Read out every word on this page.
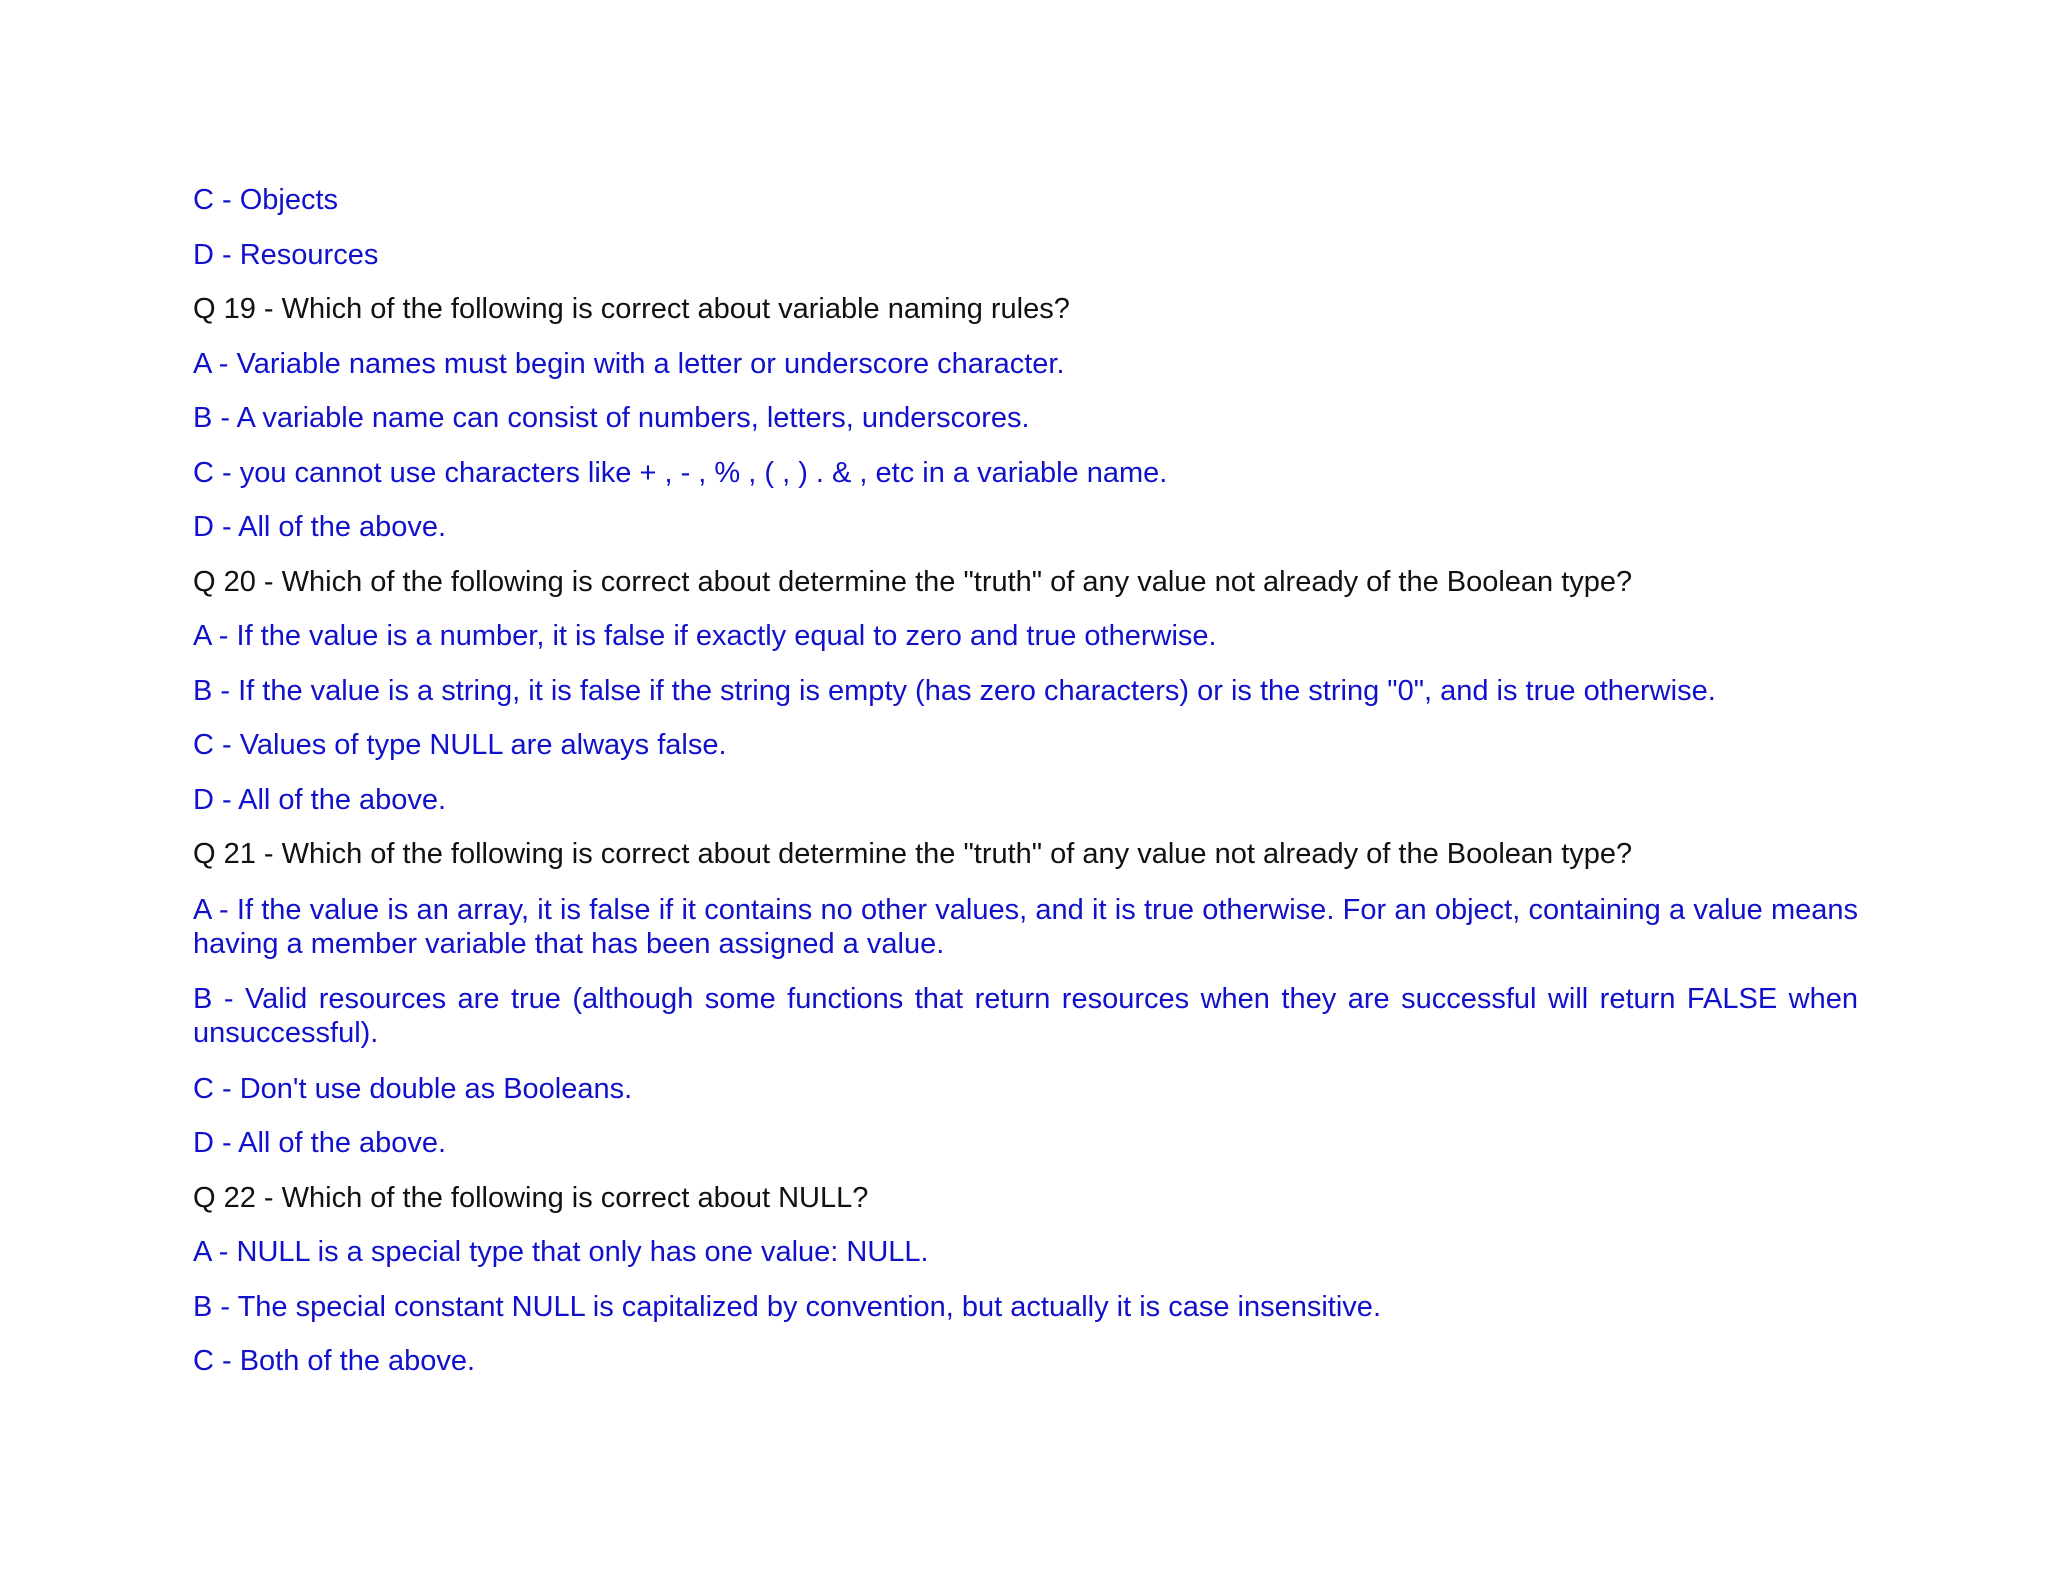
C - Objects

D - Resources

Q 19 - Which of the following is correct about variable naming rules?

A - Variable names must begin with a letter or underscore character.

B - A variable name can consist of numbers, letters, underscores.

C - you cannot use characters like + , - , % , ( , ) . & , etc in a variable name.

D - All of the above.

Q 20 - Which of the following is correct about determine the "truth" of any value not already of the Boolean type?

A - If the value is a number, it is false if exactly equal to zero and true otherwise.

B - If the value is a string, it is false if the string is empty (has zero characters) or is the string "0", and is true otherwise.

C - Values of type NULL are always false.

D - All of the above.

Q 21 - Which of the following is correct about determine the "truth" of any value not already of the Boolean type?

A - If the value is an array, it is false if it contains no other values, and it is true otherwise. For an object, containing a value means having a member variable that has been assigned a value.

B - Valid resources are true (although some functions that return resources when they are successful will return FALSE when unsuccessful).

C - Don't use double as Booleans.

D - All of the above.

Q 22 - Which of the following is correct about NULL?

A - NULL is a special type that only has one value: NULL.

B - The special constant NULL is capitalized by convention, but actually it is case insensitive.

C - Both of the above.
